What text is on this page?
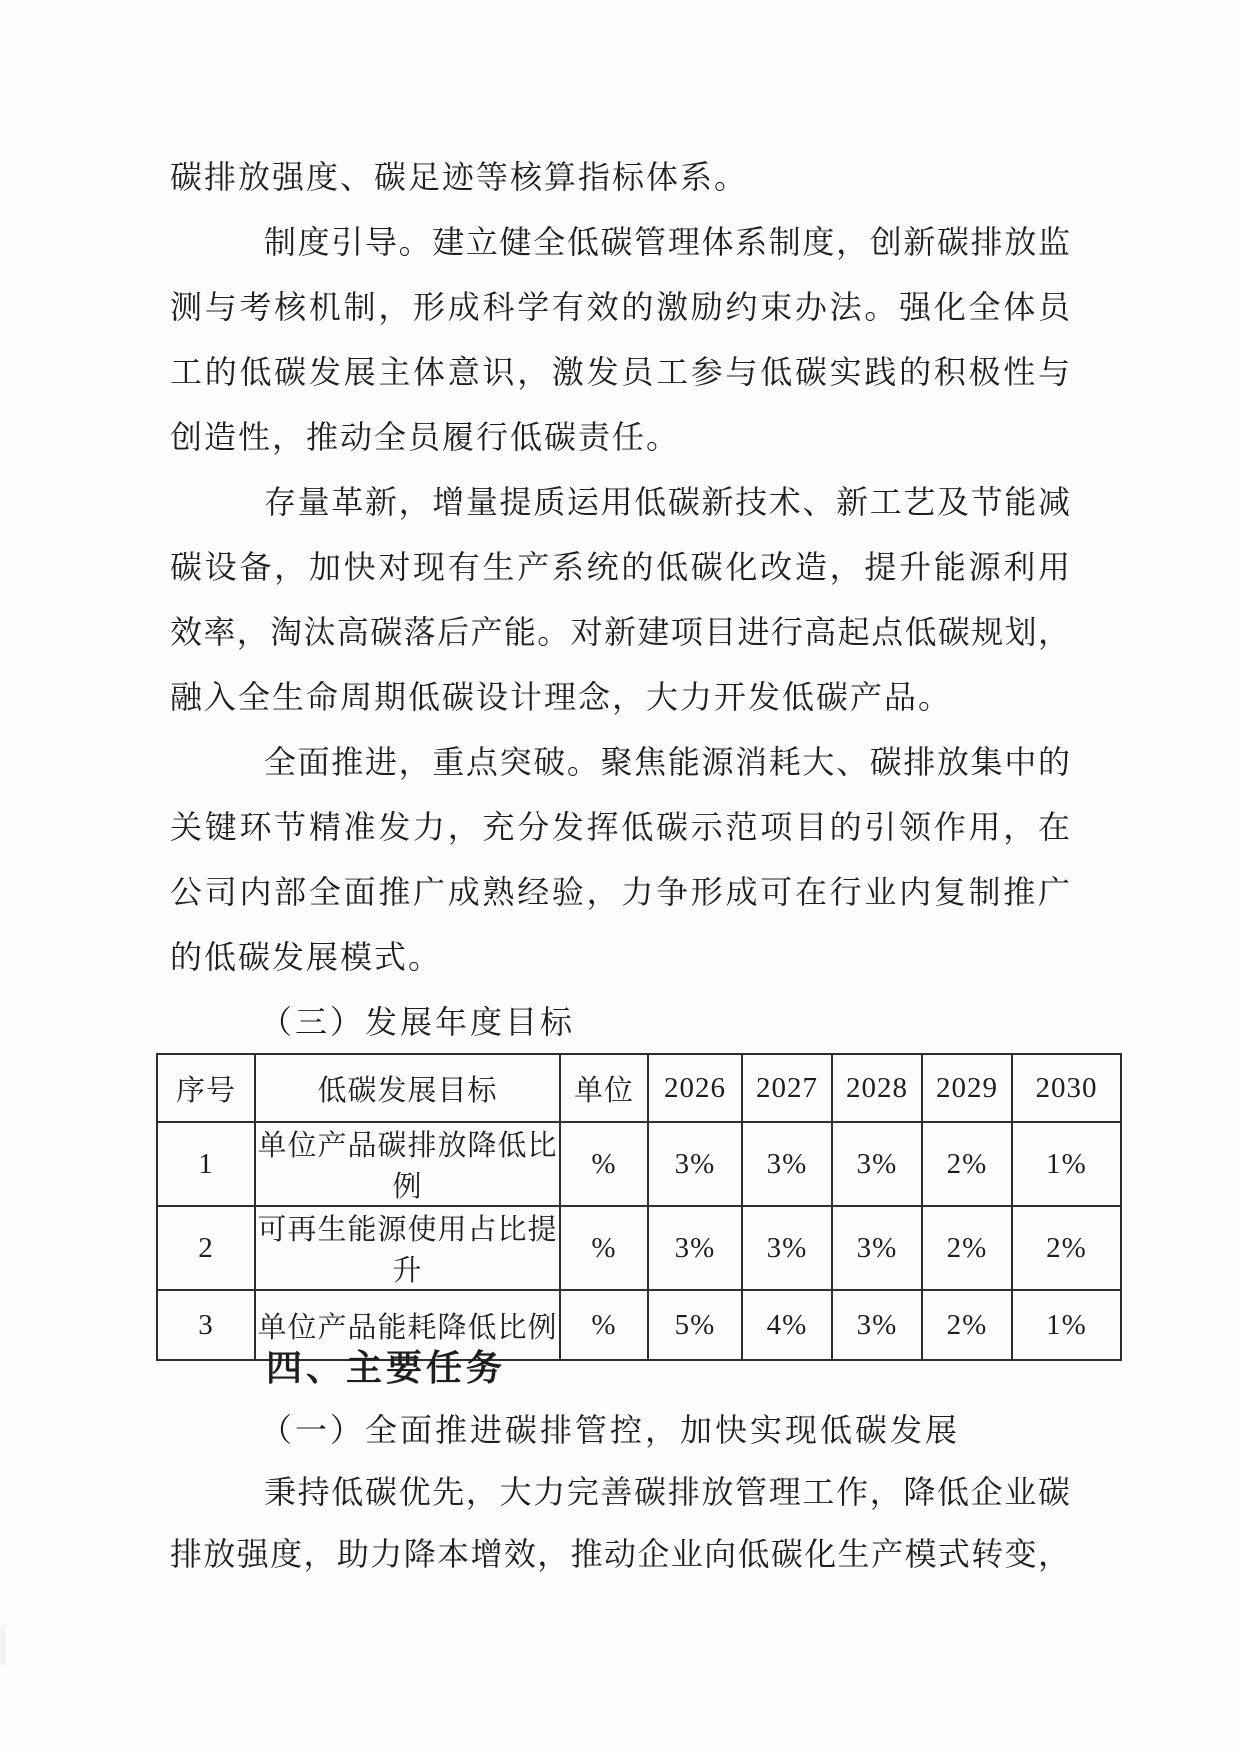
碳排放强度、碳足迹等核算指标体系。
制度引导。建立健全低碳管理体系制度，创新碳排放监
测与考核机制，形成科学有效的激励约束办法。强化全体员
工的低碳发展主体意识，激发员工参与低碳实践的积极性与
创造性，推动全员履行低碳责任。
存量革新，增量提质运用低碳新技术、新工艺及节能减
碳设备，加快对现有生产系统的低碳化改造，提升能源利用
效率，淘汰高碳落后产能。对新建项目进行高起点低碳规划，
融入全生命周期低碳设计理念，大力开发低碳产品。
全面推进，重点突破。聚焦能源消耗大、碳排放集中的
关键环节精准发力，充分发挥低碳示范项目的引领作用，在
公司内部全面推广成熟经验，力争形成可在行业内复制推广
的低碳发展模式。
（三）发展年度目标
序号	低碳发展目标	单位	2026	2027	2028	2029	2030
1	单位产品碳排放降低比例	%	3%	3%	3%	2%	1%
2	可再生能源使用占比提升	%	3%	3%	3%	2%	2%
3	单位产品能耗降低比例	%	5%	4%	3%	2%	1%
四、主要任务
（一）全面推进碳排管控，加快实现低碳发展
秉持低碳优先，大力完善碳排放管理工作，降低企业碳
排放强度，助力降本增效，推动企业向低碳化生产模式转变，
